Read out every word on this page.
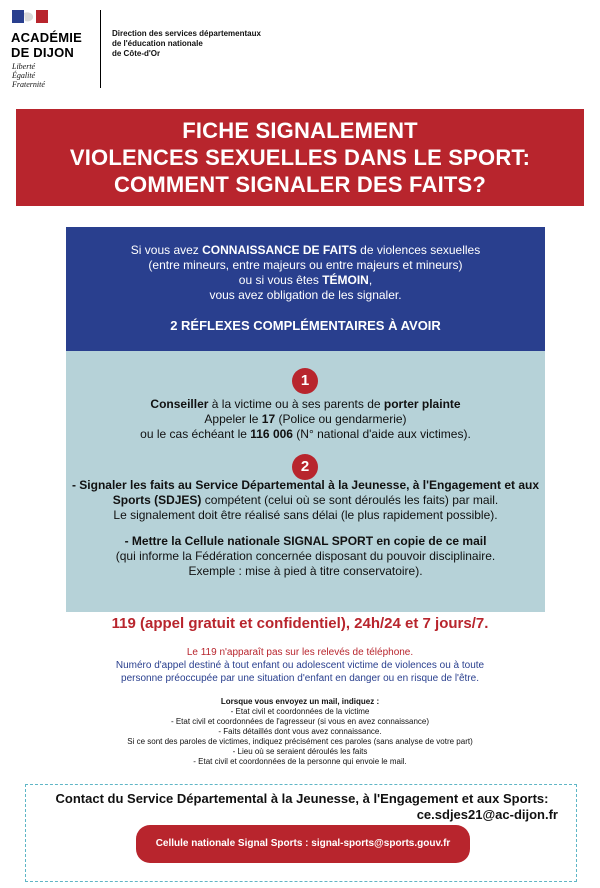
ACADÉMIE
DE DIJON
Liberté
Égalité
Fraternité
Direction des services départementaux
de l'éducation nationale
de Côte-d'Or
FICHE SIGNALEMENT
VIOLENCES SEXUELLES DANS LE SPORT:
COMMENT SIGNALER DES FAITS?
Si vous avez CONNAISSANCE DE FAITS de violences sexuelles
(entre mineurs, entre majeurs ou entre majeurs et mineurs)
ou si vous êtes TÉMOIN,
vous avez obligation de les signaler.
2 RÉFLEXES COMPLÉMENTAIRES À AVOIR
1
Conseiller à la victime ou à ses parents de porter plainte
Appeler le 17 (Police ou gendarmerie)
ou le cas échéant le 116 006 (N° national d'aide aux victimes).
2
- Signaler les faits au Service Départemental à la Jeunesse, à l'Engagement et aux
Sports (SDJES) compétent (celui où se sont déroulés les faits) par mail.
Le signalement doit être réalisé sans délai (le plus rapidement possible).
- Mettre la Cellule nationale SIGNAL SPORT en copie de ce mail
(qui informe la Fédération concernée disposant du pouvoir disciplinaire.
Exemple : mise à pied à titre conservatoire).
119 (appel gratuit et confidentiel), 24h/24 et 7 jours/7.
Le 119 n'apparaît pas sur les relevés de téléphone.
Numéro d'appel destiné à tout enfant ou adolescent victime de violences ou à toute
personne préoccupée par une situation d'enfant en danger ou en risque de l'être.
Lorsque vous envoyez un mail, indiquez :
- Etat civil et coordonnées de la victime
- Etat civil et coordonnées de l'agresseur (si vous en avez connaissance)
- Faits détaillés dont vous avez connaissance.
Si ce sont des paroles de victimes, indiquez précisément ces paroles (sans analyse de votre part)
- Lieu où se seraient déroulés les faits
- Etat civil et coordonnées de la personne qui envoie le mail.
Contact du Service Départemental à la Jeunesse, à l'Engagement et aux Sports:
ce.sdjes21@ac-dijon.fr
Cellule nationale Signal Sports : signal-sports@sports.gouv.fr
